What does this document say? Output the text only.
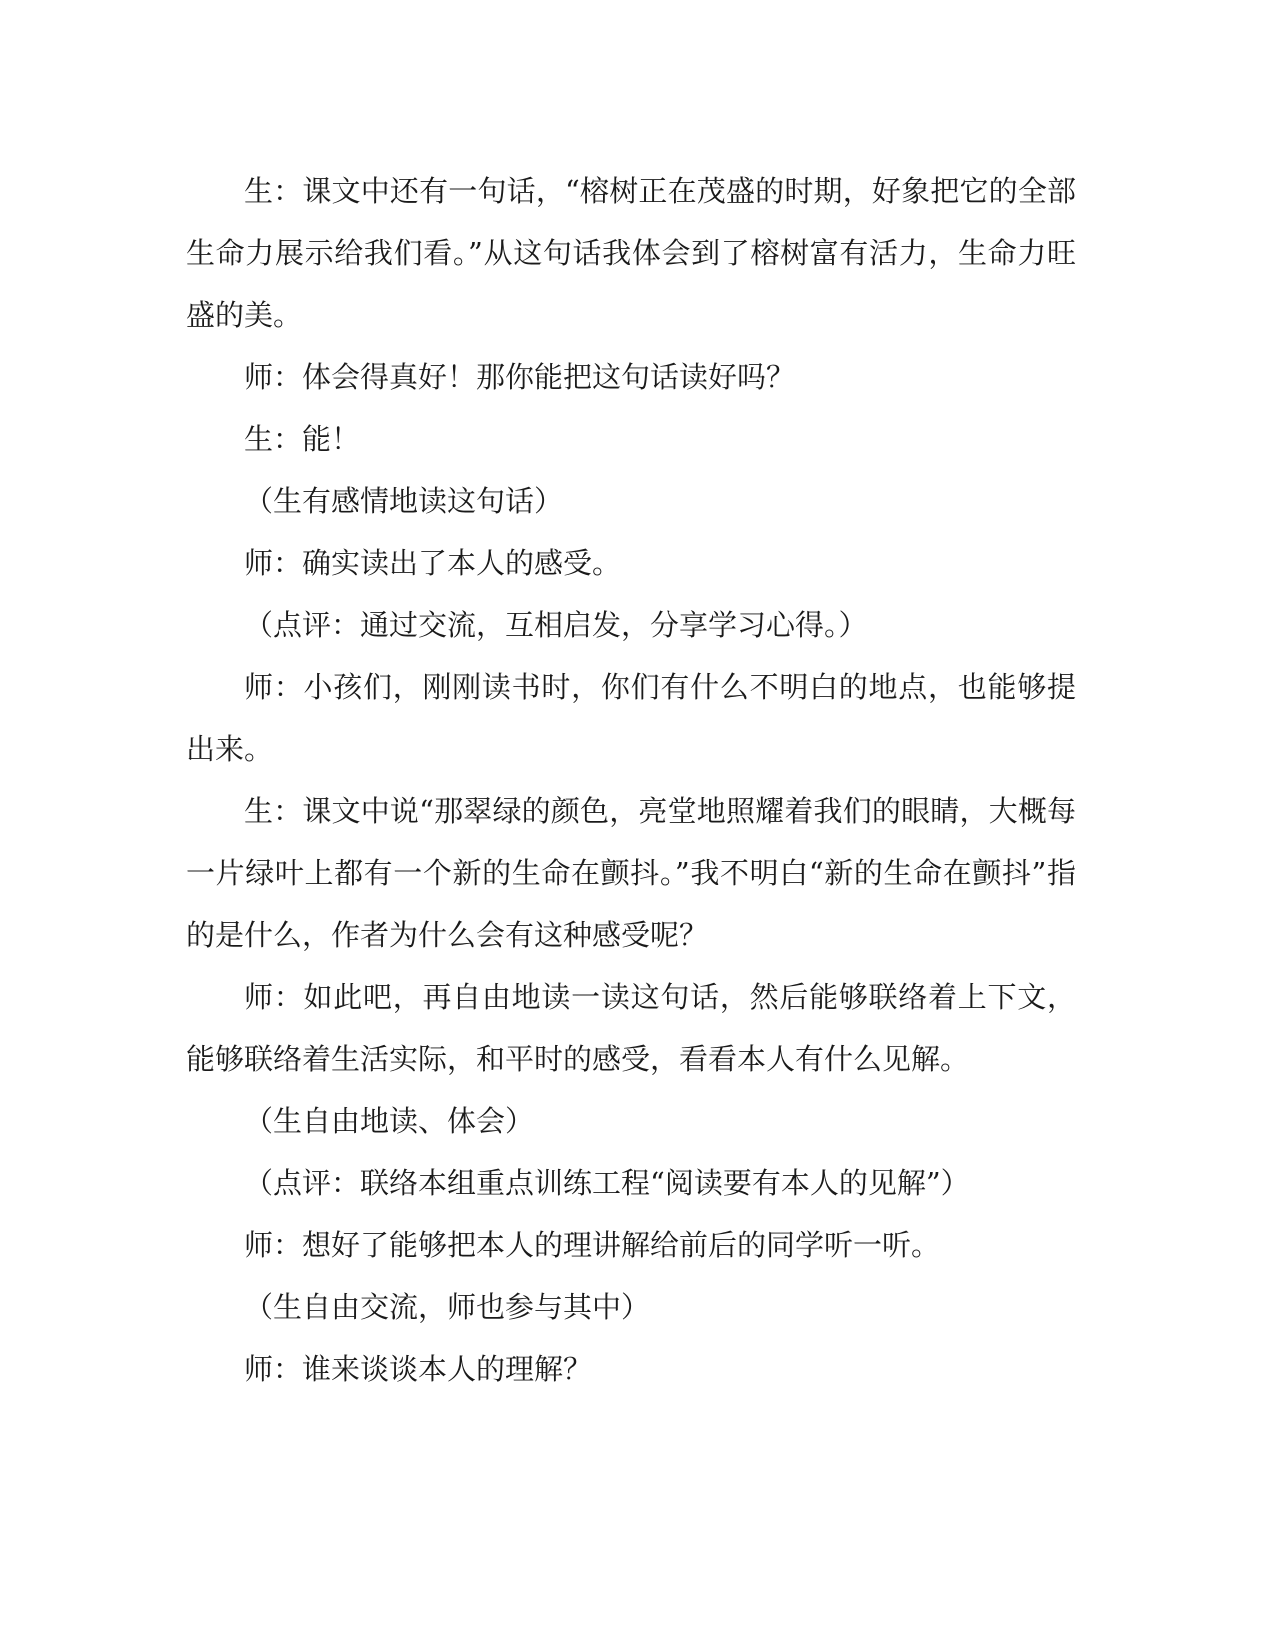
生：课文中还有一句话，“榕树正在茂盛的时期，好象把它的全部生命力展示给我们看。”从这句话我体会到了榕树富有活力，生命力旺盛的美。

师：体会得真好！那你能把这句话读好吗？

生：能！

（生有感情地读这句话）

师：确实读出了本人的感受。

（点评：通过交流，互相启发，分享学习心得。）

师：小孩们，刚刚读书时，你们有什么不明白的地点，也能够提出来。

生：课文中说“那翠绿的颜色，亮堂地照耀着我们的眼睛，大概每一片绿叶上都有一个新的生命在颤抖。”我不明白“新的生命在颤抖”指的是什么，作者为什么会有这种感受呢？

师：如此吧，再自由地读一读这句话，然后能够联络着上下文，能够联络着生活实际，和平时的感受，看看本人有什么见解。

（生自由地读、体会）

（点评：联络本组重点训练工程“阅读要有本人的见解”）

师：想好了能够把本人的理讲解给前后的同学听一听。

（生自由交流，师也参与其中）

师：谁来谈谈本人的理解？
